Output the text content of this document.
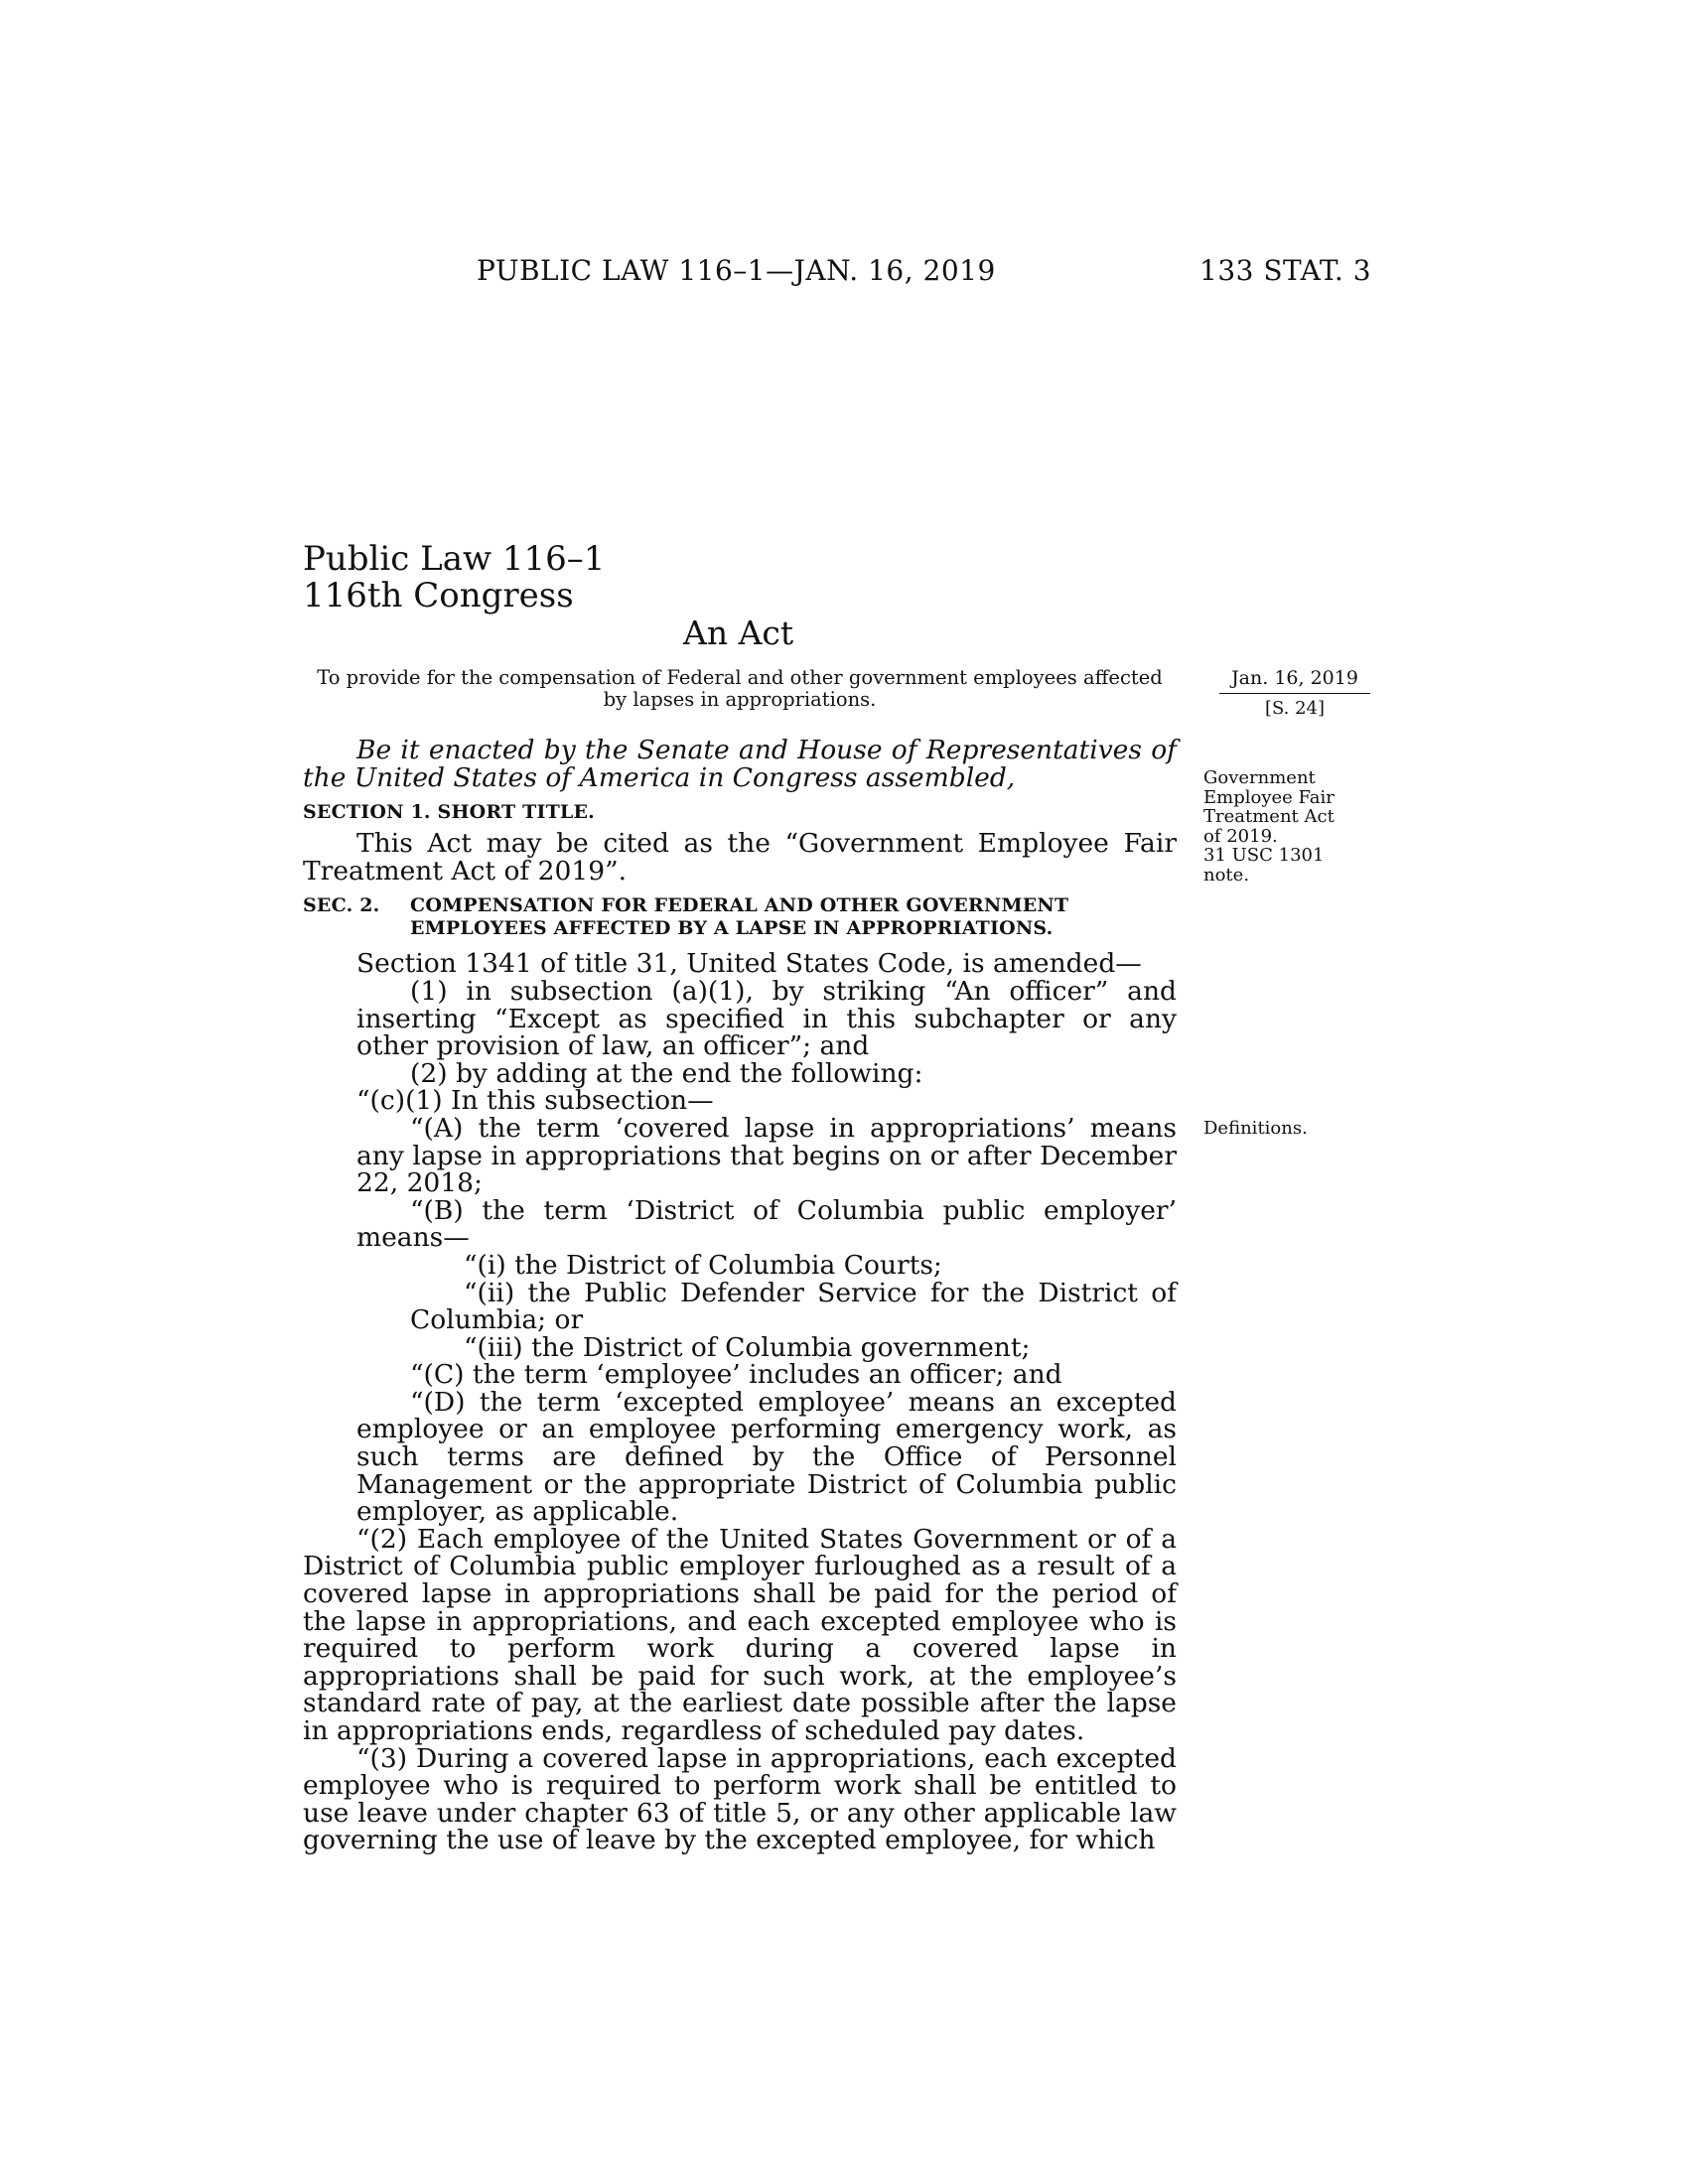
PUBLIC LAW 116–1—JAN. 16, 2019	133 STAT. 3
Public Law 116–1
116th Congress
An Act
To provide for the compensation of Federal and other government employees affected by lapses in appropriations.
Jan. 16, 2019
[S. 24]
Government
Employee Fair
Treatment Act
of 2019.
31 USC 1301
note.
Definitions.

Be it enacted by the Senate and House of Representatives of the United States of America in Congress assembled,

SECTION 1. SHORT TITLE.

This Act may be cited as the “Government Employee Fair Treatment Act of 2019”.

SEC. 2. COMPENSATION FOR FEDERAL AND OTHER GOVERNMENT EMPLOYEES AFFECTED BY A LAPSE IN APPROPRIATIONS.

Section 1341 of title 31, United States Code, is amended—

(1) in subsection (a)(1), by striking “An officer” and inserting “Except as specified in this subchapter or any other provision of law, an officer”; and

(2) by adding at the end the following:

“(c)(1) In this subsection—

“(A) the term ‘covered lapse in appropriations’ means any lapse in appropriations that begins on or after December 22, 2018;

“(B) the term ‘District of Columbia public employer’ means—

“(i) the District of Columbia Courts;

“(ii) the Public Defender Service for the District of Columbia; or

“(iii) the District of Columbia government;

“(C) the term ‘employee’ includes an officer; and

“(D) the term ‘excepted employee’ means an excepted employee or an employee performing emergency work, as such terms are defined by the Office of Personnel Management or the appropriate District of Columbia public employer, as applicable.

“(2) Each employee of the United States Government or of a District of Columbia public employer furloughed as a result of a covered lapse in appropriations shall be paid for the period of the lapse in appropriations, and each excepted employee who is required to perform work during a covered lapse in appropriations shall be paid for such work, at the employee’s standard rate of pay, at the earliest date possible after the lapse in appropriations ends, regardless of scheduled pay dates.

“(3) During a covered lapse in appropriations, each excepted employee who is required to perform work shall be entitled to use leave under chapter 63 of title 5, or any other applicable law governing the use of leave by the excepted employee, for which
